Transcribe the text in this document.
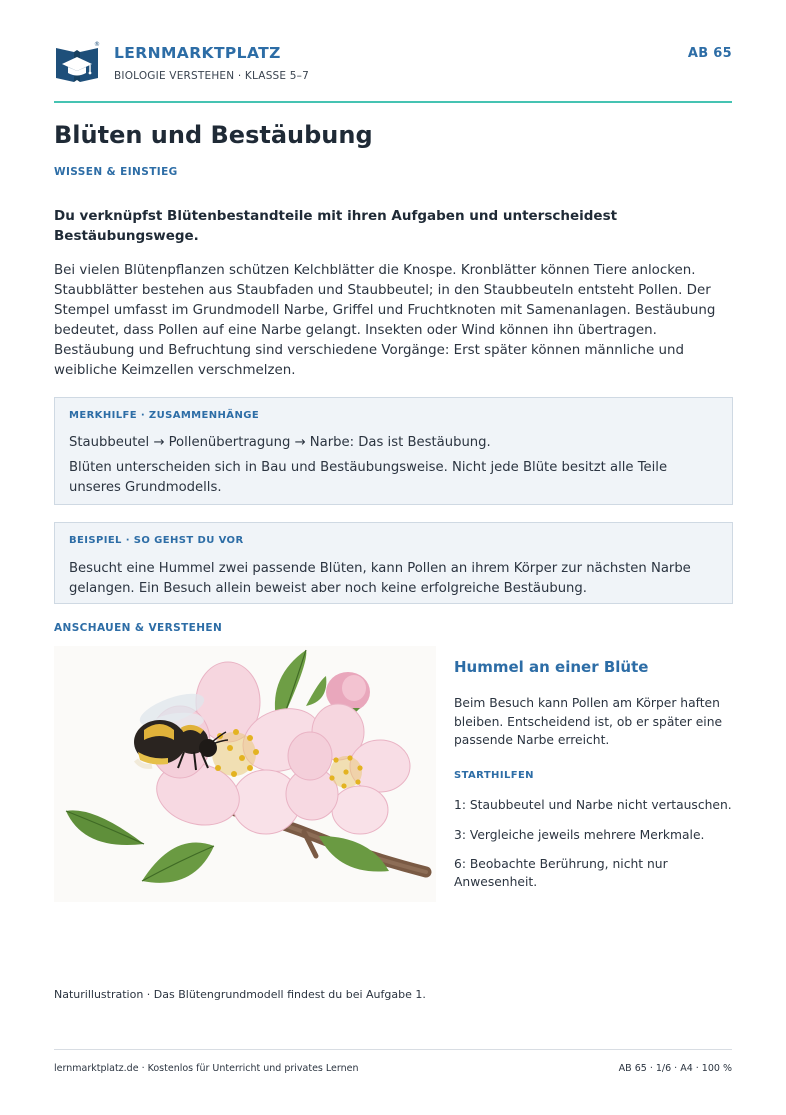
® LERNMARKTPLATZ
BIOLOGIE VERSTEHEN · KLASSE 5–7
AB 65
Blüten und Bestäubung
WISSEN & EINSTIEG

Du verknüpfst Blütenbestandteile mit ihren Aufgaben und unterscheidest Bestäubungswege.

Bei vielen Blütenpflanzen schützen Kelchblätter die Knospe. Kronblätter können Tiere anlocken. Staubblätter bestehen aus Staubfaden und Staubbeutel; in den Staubbeuteln entsteht Pollen. Der Stempel umfasst im Grundmodell Narbe, Griffel und Fruchtknoten mit Samenanlagen. Bestäubung bedeutet, dass Pollen auf eine Narbe gelangt. Insekten oder Wind können ihn übertragen. Bestäubung und Befruchtung sind verschiedene Vorgänge: Erst später können männliche und weibliche Keimzellen verschmelzen.

MERKHILFE · ZUSAMMENHÄNGE
Staubbeutel → Pollenübertragung → Narbe: Das ist Bestäubung.
Blüten unterscheiden sich in Bau und Bestäubungsweise. Nicht jede Blüte besitzt alle Teile unseres Grundmodells.
BEISPIEL · SO GEHST DU VOR
Besucht eine Hummel zwei passende Blüten, kann Pollen an ihrem Körper zur nächsten Narbe gelangen. Ein Besuch allein beweist aber noch keine erfolgreiche Bestäubung.
ANSCHAUEN & VERSTEHEN
Hummel an einer Blüte

Beim Besuch kann Pollen am Körper haften bleiben. Entscheidend ist, ob er später eine passende Narbe erreicht.

STARTHILFEN
1: Staubbeutel und Narbe nicht vertauschen.
3: Vergleiche jeweils mehrere Merkmale.
6: Beobachte Berührung, nicht nur Anwesenheit.
Naturillustration · Das Blütengrundmodell findest du bei Aufgabe 1.
lernmarktplatz.de · Kostenlos für Unterricht und privates Lernen	AB 65 · 1/6 · A4 · 100 %
